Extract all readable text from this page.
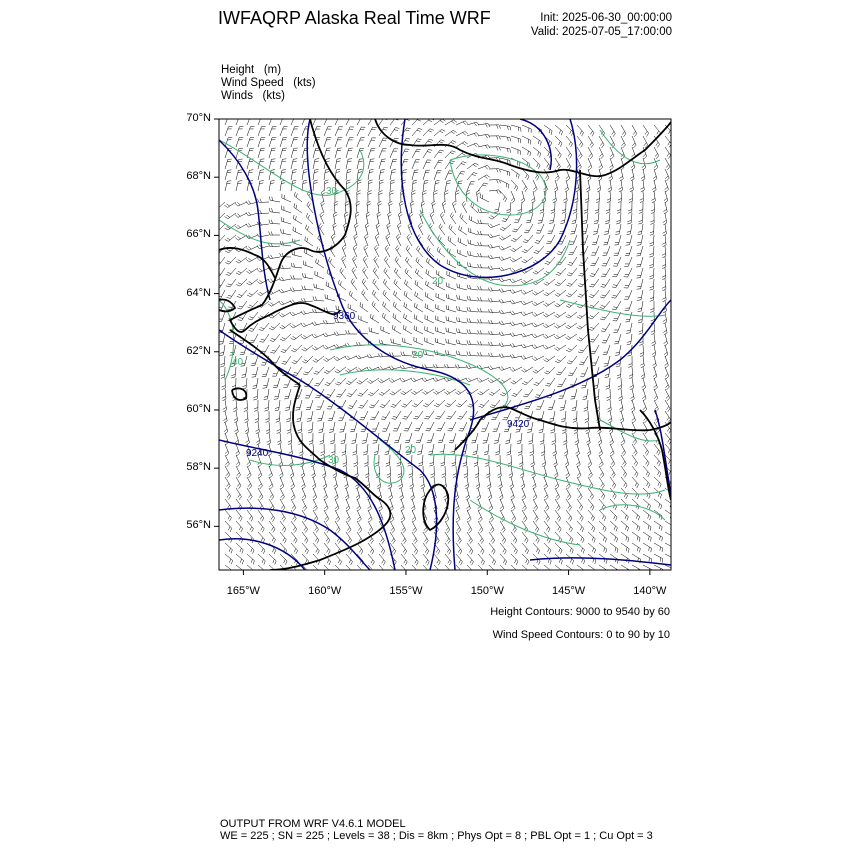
IWFAQRP Alaska Real Time WRF	Init: 2025-06-30_00:00:00
Valid: 2025-07-05_17:00:00
Height (m)
Wind Speed (kts)
Winds (kts)
70°N
68°N
66°N
64°N
62°N
60°N
58°N
56°N
165°W	160°W	155°W	150°W	145°W	140°W
9360
9240
9420
30
20
40
20
20
30
Height Contours: 9000 to 9540 by 60
Wind Speed Contours: 0 to 90 by 10
OUTPUT FROM WRF V4.6.1 MODEL
WE = 225 ; SN = 225 ; Levels = 38 ; Dis = 8km ; Phys Opt = 8 ; PBL Opt = 1 ; Cu Opt = 3
